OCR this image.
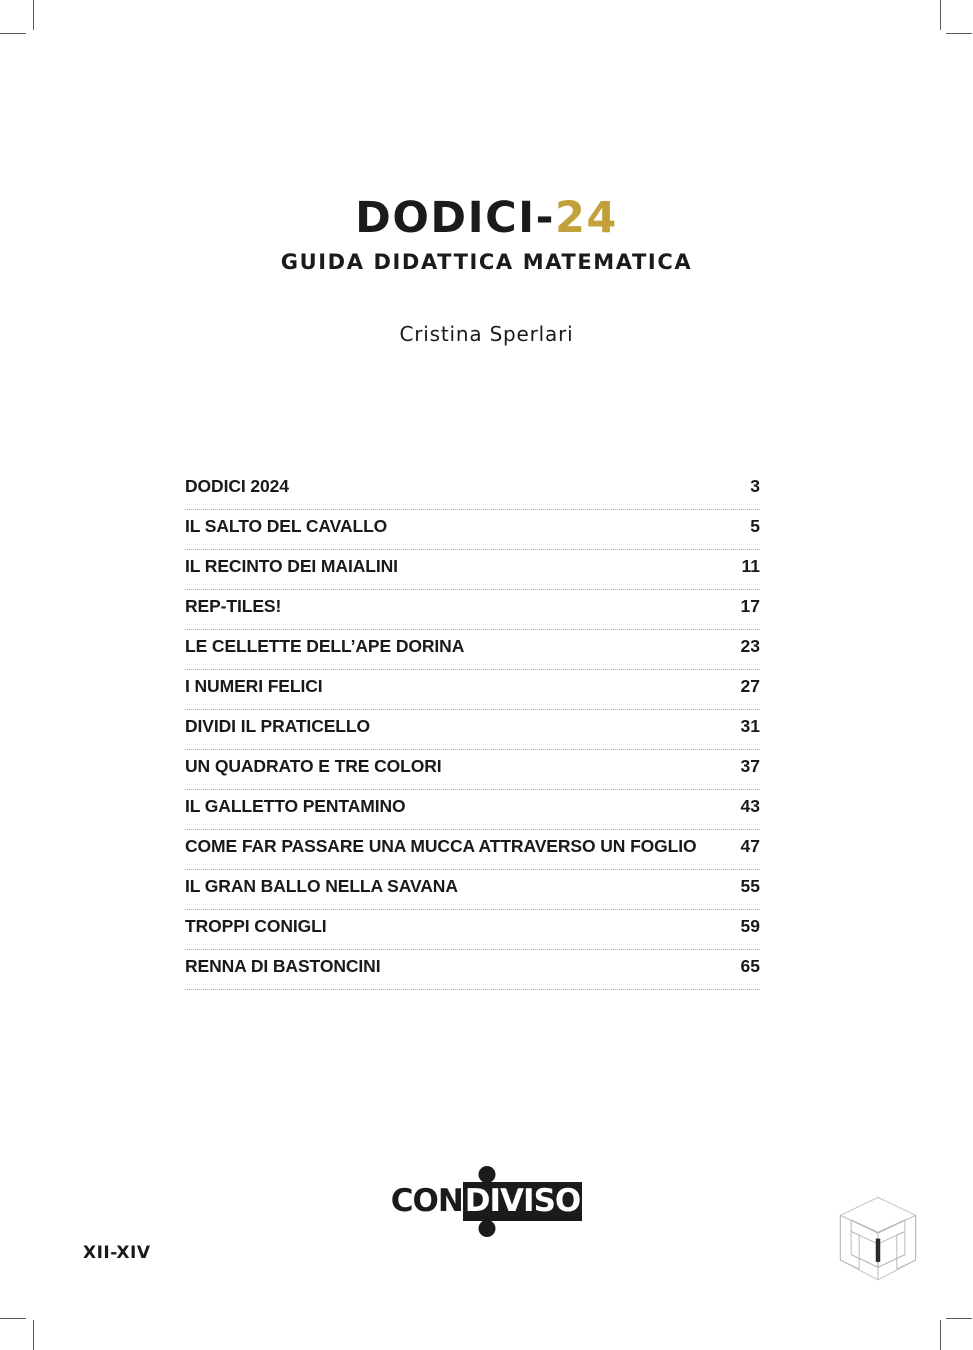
DODICI-24
GUIDA DIDATTICA MATEMATICA
Cristina Sperlari
DODICI 2024	3
IL SALTO DEL CAVALLO	5
IL RECINTO DEI MAIALINI	11
REP-TILES!	17
LE CELLETTE DELL’APE DORINA	23
I NUMERI FELICI	27
DIVIDI IL PRATICELLO	31
UN QUADRATO E TRE COLORI	37
IL GALLETTO PENTAMINO	43
COME FAR PASSARE UNA MUCCA ATTRAVERSO UN FOGLIO	47
IL GRAN BALLO NELLA SAVANA	55
TROPPI CONIGLI	59
RENNA DI BASTONCINI	65
XII-XIV
CONDIVISO
